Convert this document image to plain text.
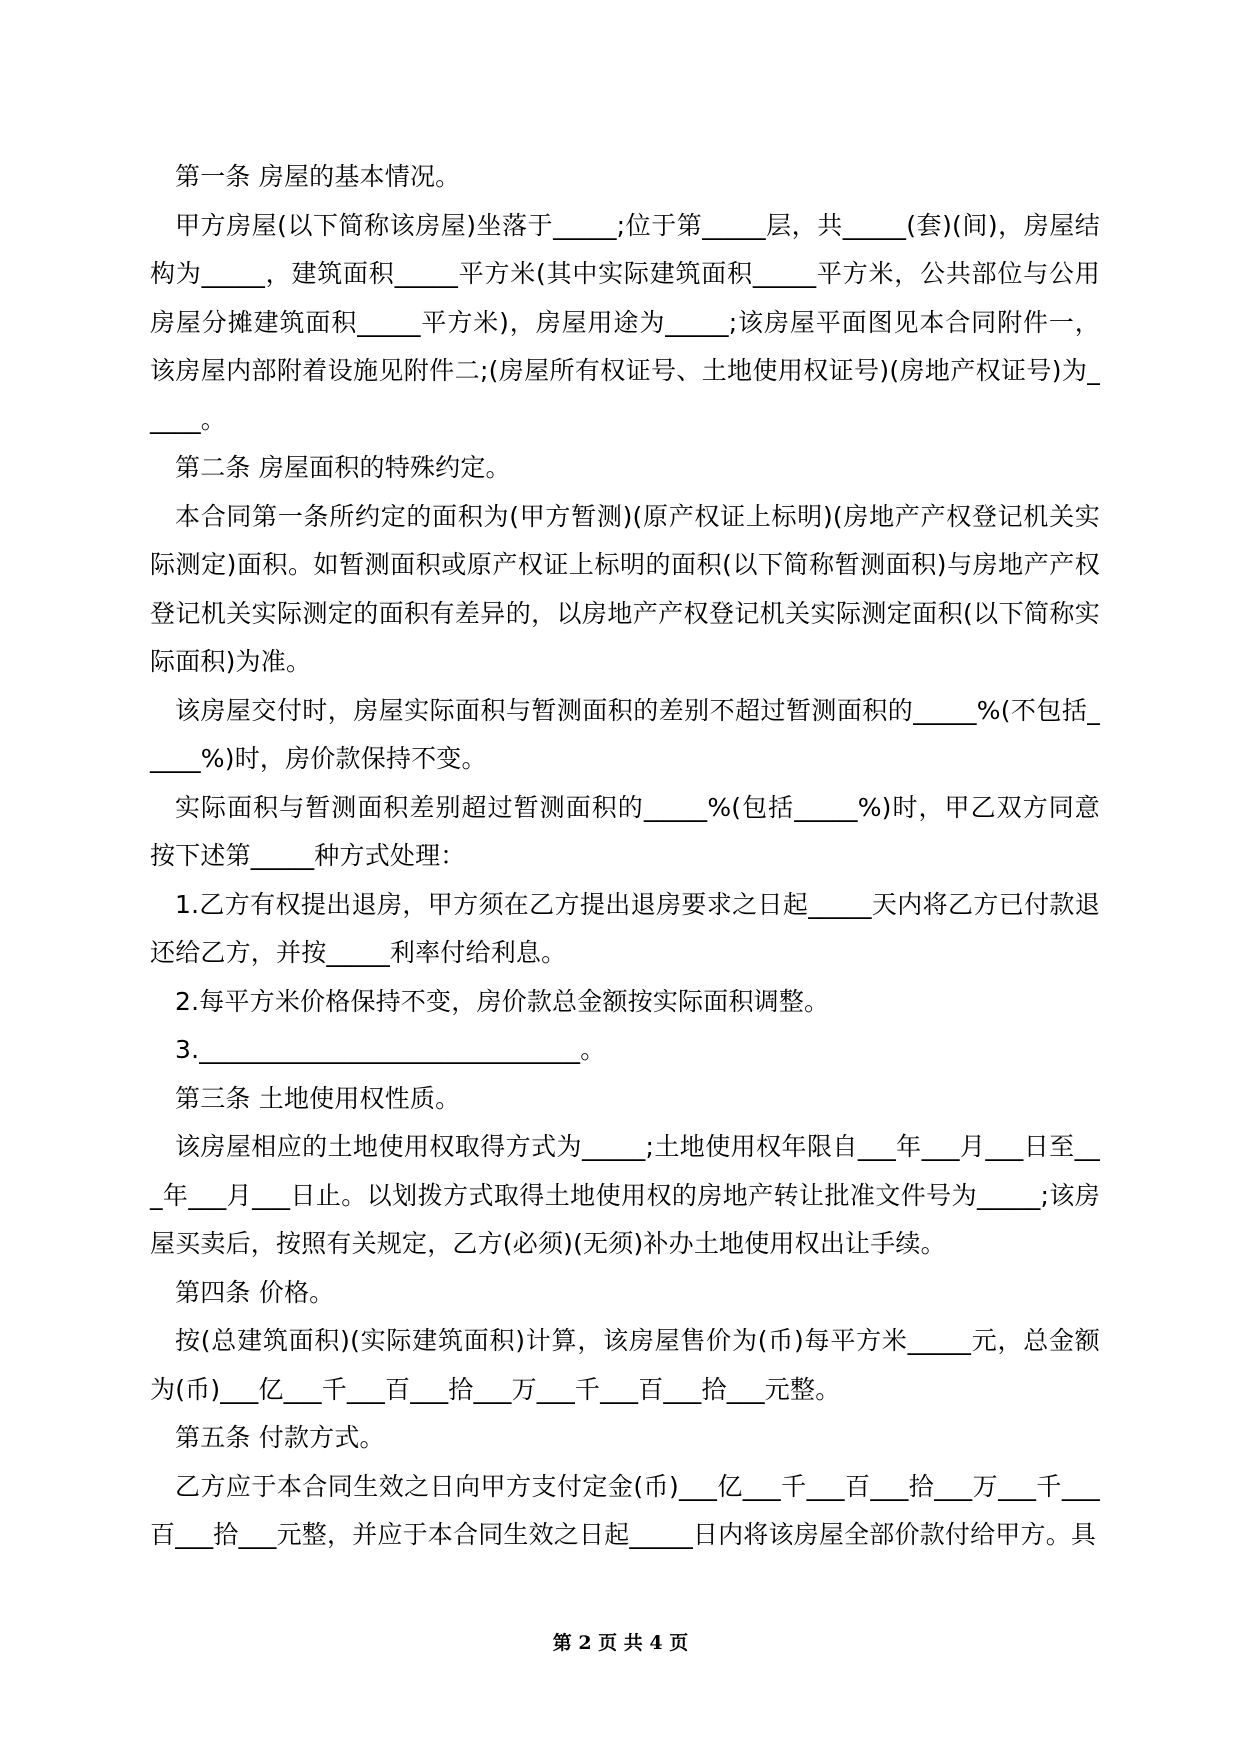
第一条 房屋的基本情况。

甲方房屋(以下简称该房屋)坐落于_____;位于第_____层，共_____(套)(间)，房屋结构为_____，建筑面积_____平方米(其中实际建筑面积_____平方米，公共部位与公用房屋分摊建筑面积_____平方米)，房屋用途为_____;该房屋平面图见本合同附件一，该房屋内部附着设施见附件二;(房屋所有权证号、土地使用权证号)(房地产权证号)为_____。

第二条 房屋面积的特殊约定。

本合同第一条所约定的面积为(甲方暂测)(原产权证上标明)(房地产产权登记机关实际测定)面积。如暂测面积或原产权证上标明的面积(以下简称暂测面积)与房地产产权登记机关实际测定的面积有差异的，以房地产产权登记机关实际测定面积(以下简称实际面积)为准。

该房屋交付时，房屋实际面积与暂测面积的差别不超过暂测面积的_____%(不包括_____%)时，房价款保持不变。

实际面积与暂测面积差别超过暂测面积的_____%(包括_____%)时，甲乙双方同意按下述第_____种方式处理：

1.乙方有权提出退房，甲方须在乙方提出退房要求之日起_____天内将乙方已付款退还给乙方，并按_____利率付给利息。

2.每平方米价格保持不变，房价款总金额按实际面积调整。

3.______________________________。

第三条 土地使用权性质。

该房屋相应的土地使用权取得方式为_____;土地使用权年限自___年___月___日至___年___月___日止。以划拨方式取得土地使用权的房地产转让批准文件号为_____;该房屋买卖后，按照有关规定，乙方(必须)(无须)补办土地使用权出让手续。

第四条 价格。

按(总建筑面积)(实际建筑面积)计算，该房屋售价为(币)每平方米_____元，总金额为(币)___亿___千___百___拾___万___千___百___拾___元整。

第五条 付款方式。

乙方应于本合同生效之日向甲方支付定金(币)___亿___千___百___拾___万___千___百___拾___元整，并应于本合同生效之日起_____日内将该房屋全部价款付给甲方。具

第 2 页 共 4 页
